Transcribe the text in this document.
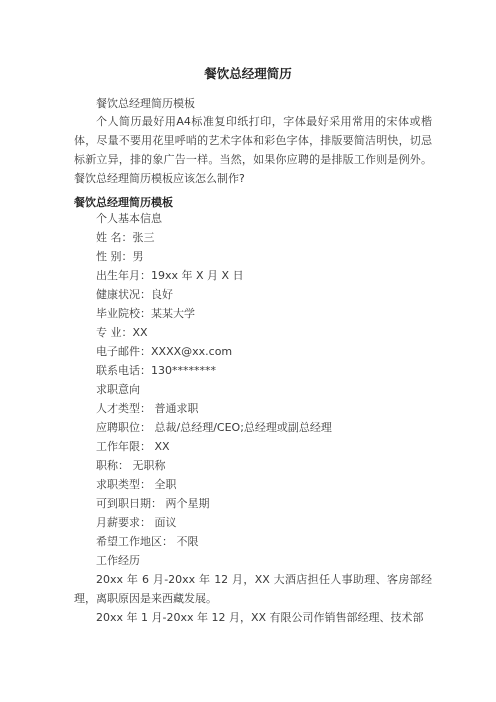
餐饮总经理简历
餐饮总经理简历模板
个人简历最好用A4标准复印纸打印，字体最好采用常用的宋体或楷体，尽量不要用花里呼哨的艺术字体和彩色字体，排版要简洁明快，切忌标新立异，排的象广告一样。当然，如果你应聘的是排版工作则是例外。餐饮总经理简历模板应该怎么制作?
餐饮总经理简历模板
个人基本信息
姓 名：张三
性 别：男
出生年月：19xx 年 X 月 X 日
健康状况：良好
毕业院校：某某大学
专 业：XX
电子邮件：XXXX@xx.com
联系电话：130********
求职意向
人才类型： 普通求职
应聘职位： 总裁/总经理/CEO;总经理或副总经理
工作年限： XX
职称： 无职称
求职类型： 全职
可到职日期： 两个星期
月薪要求： 面议
希望工作地区： 不限
工作经历
20xx 年 6 月-20xx 年 12 月，XX 大酒店担任人事助理、客房部经理，离职原因是来西藏发展。
20xx 年 1 月-20xx 年 12 月，XX 有限公司作销售部经理、技术部
